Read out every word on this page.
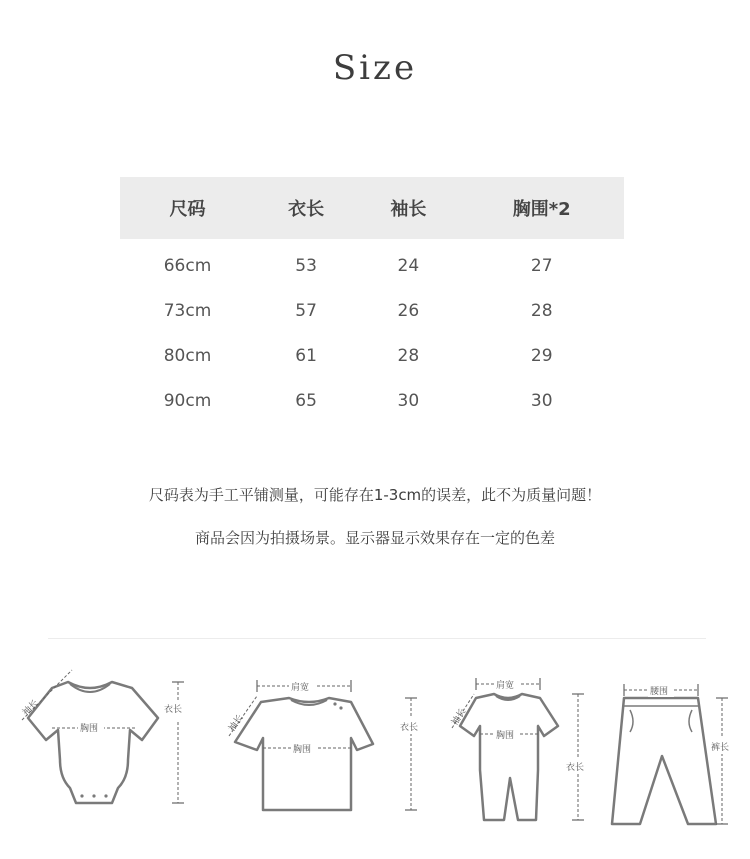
Size
尺码	衣长	袖长	胸围*2
66cm	53	24	27
73cm	57	26	28
80cm	61	28	29
90cm	65	30	30
尺码表为手工平铺测量，可能存在1-3cm的误差，此不为质量问题！
商品会因为拍摄场景。显示器显示效果存在一定的色差
袖长
胸围
衣长
肩宽
袖长
胸围
衣长
肩宽
袖长
胸围
衣长
腰围
裤长
